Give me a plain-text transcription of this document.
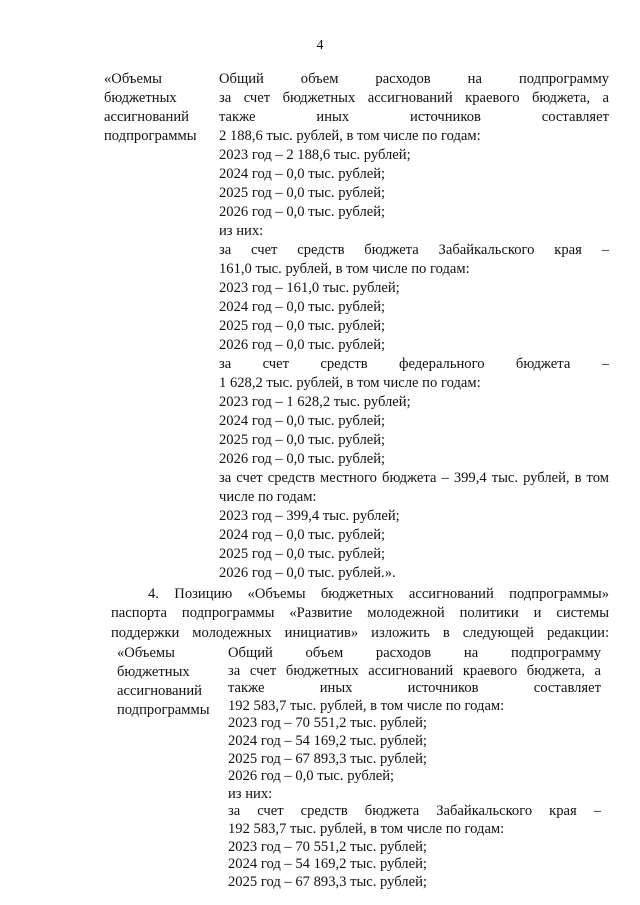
4
«Объемы
бюджетных
ассигнований
подпрограммы
Общий объем расходов на подпрограмму
за счет бюджетных ассигнований краевого бюджета, а
также иных источников составляет
2 188,6 тыс. рублей, в том числе по годам:
2023 год – 2 188,6 тыс. рублей;
2024 год – 0,0 тыс. рублей;
2025 год – 0,0 тыс. рублей;
2026 год – 0,0 тыс. рублей;
из них:
за счет средств бюджета Забайкальского края –
161,0 тыс. рублей, в том числе по годам:
2023 год – 161,0 тыс. рублей;
2024 год – 0,0 тыс. рублей;
2025 год – 0,0 тыс. рублей;
2026 год – 0,0 тыс. рублей;
за счет средств федерального бюджета –
1 628,2 тыс. рублей, в том числе по годам:
2023 год – 1 628,2 тыс. рублей;
2024 год – 0,0 тыс. рублей;
2025 год – 0,0 тыс. рублей;
2026 год – 0,0 тыс. рублей;
за счет средств местного бюджета – 399,4 тыс. рублей, в том
числе по годам:
2023 год – 399,4 тыс. рублей;
2024 год – 0,0 тыс. рублей;
2025 год – 0,0 тыс. рублей;
2026 год – 0,0 тыс. рублей.».
4. Позицию «Объемы бюджетных ассигнований подпрограммы»
паспорта подпрограммы «Развитие молодежной политики и системы
поддержки молодежных инициатив» изложить в следующей редакции:
«Объемы
бюджетных
ассигнований
подпрограммы
Общий объем расходов на подпрограмму
за счет бюджетных ассигнований краевого бюджета, а
также иных источников составляет
192 583,7 тыс. рублей, в том числе по годам:
2023 год – 70 551,2 тыс. рублей;
2024 год – 54 169,2 тыс. рублей;
2025 год – 67 893,3 тыс. рублей;
2026 год – 0,0 тыс. рублей;
из них:
за счет средств бюджета Забайкальского края –
192 583,7 тыс. рублей, в том числе по годам:
2023 год – 70 551,2 тыс. рублей;
2024 год – 54 169,2 тыс. рублей;
2025 год – 67 893,3 тыс. рублей;
